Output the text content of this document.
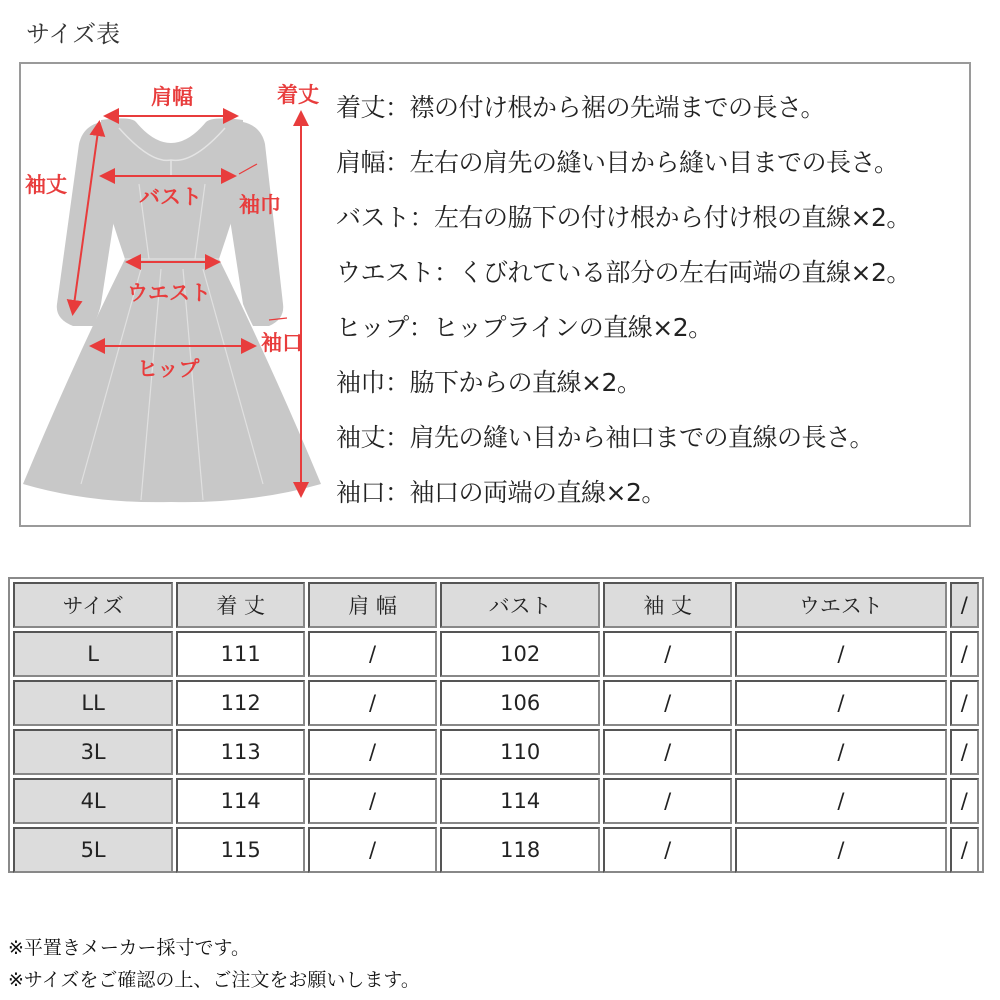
サイズ表
肩幅	着丈
袖丈	バスト 袖巾
ウエスト
袖口
ヒップ
着丈：襟の付け根から裾の先端までの長さ。
肩幅：左右の肩先の縫い目から縫い目までの長さ。
バスト：左右の脇下の付け根から付け根の直線×2。
ウエスト：くびれている部分の左右両端の直線×2。
ヒップ：ヒップラインの直線×2。
袖巾：脇下からの直線×2。
袖丈：肩先の縫い目から袖口までの直線の長さ。
袖口：袖口の両端の直線×2。
サイズ	着 丈	肩 幅	バスト	袖 丈	ウエスト	/
L	111	/	102	/	/	/
LL	112	/	106	/	/	/
3L	113	/	110	/	/	/
4L	114	/	114	/	/	/
5L	115	/	118	/	/	/
※平置きメーカー採寸です。
※サイズをご確認の上、ご注文をお願いします。
